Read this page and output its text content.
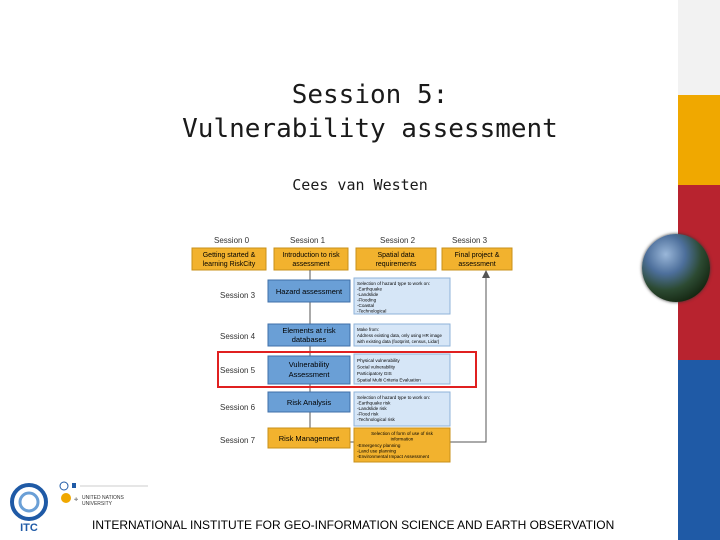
Session 5:
Vulnerability assessment
Cees van Westen
Session 0	Session 1	Session 2	Session 3
Getting started &
learning RiskCity
Introduction to risk
assessment
Spatial data
requirements
Final project &
assessment
Session 3
Session 4
Session 5
Session 6
Session 7
Hazard assessment
Elements at risk
databases
Vulnerability
Assessment
Risk Analysis
Risk Management
Selection of hazard type to work on:
-Earthquake
-Landslide
-Flooding
-Coastal
-Technological
Make from:
Address existing data, only using HR image
with existing data (footprint, census, Lidar)
Physical vulnerability
Social vulnerability
Participatory GIS
Spatial Multi Criteria Evaluation
Selection of hazard type to work on:
-Earthquake risk
-Landslide risk
-Flood risk
-Technological risk
Selection of form of use of risk
information
-Emergency planning
-Land use planning
-Environmental Impact Assessment
ITC
✛ UNITED NATIONS
UNIVERSITY
INTERNATIONAL INSTITUTE FOR GEO-INFORMATION SCIENCE AND EARTH OBSERVATION
